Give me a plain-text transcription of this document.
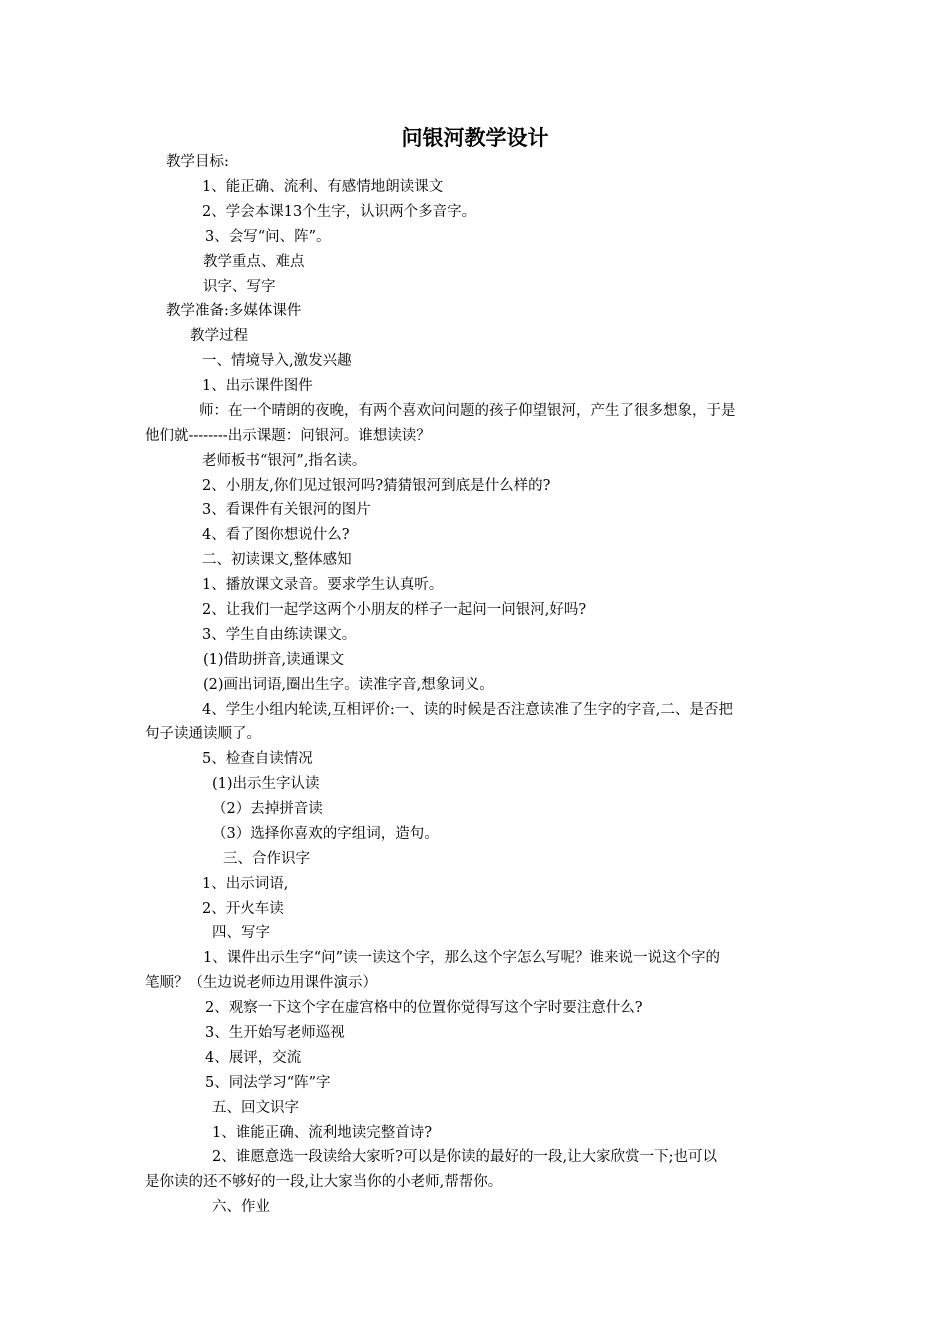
问银河教学设计
教学目标:
1、能正确、流利、有感情地朗读课文
2、学会本课13个生字，认识两个多音字。
3、会写“问、阵”。
教学重点、难点
识字、写字
教学准备:多媒体课件
教学过程
一、情境导入,激发兴趣
1、出示课件图件
师：在一个晴朗的夜晚，有两个喜欢问问题的孩子仰望银河，产生了很多想象，于是
他们就--------出示课题：问银河。谁想读读？
老师板书“银河”,指名读。
2、小朋友,你们见过银河吗?猜猜银河到底是什么样的?
3、看课件有关银河的图片
4、看了图你想说什么?
二、初读课文,整体感知
1、播放课文录音。要求学生认真听。
2、让我们一起学这两个小朋友的样子一起问一问银河,好吗?
3、学生自由练读课文。
(1)借助拼音,读通课文
(2)画出词语,圈出生字。读准字音,想象词义。
4、学生小组内轮读,互相评价:一、读的时候是否注意读准了生字的字音,二、是否把
句子读通读顺了。
5、检查自读情况
(1)出示生字认读
（2）去掉拼音读
（3）选择你喜欢的字组词，造句。
三、合作识字
1、出示词语,
2、开火车读
四、写字
1、课件出示生字“问”读一读这个字，那么这个字怎么写呢？谁来说一说这个字的
笔顺？（生边说老师边用课件演示）
2、观察一下这个字在虚宫格中的位置你觉得写这个字时要注意什么?
3、生开始写老师巡视
4、展评，交流
5、同法学习“阵”字
五、回文识字
1、谁能正确、流利地读完整首诗?
2、谁愿意选一段读给大家听?可以是你读的最好的一段,让大家欣赏一下;也可以
是你读的还不够好的一段,让大家当你的小老师,帮帮你。
六、作业
